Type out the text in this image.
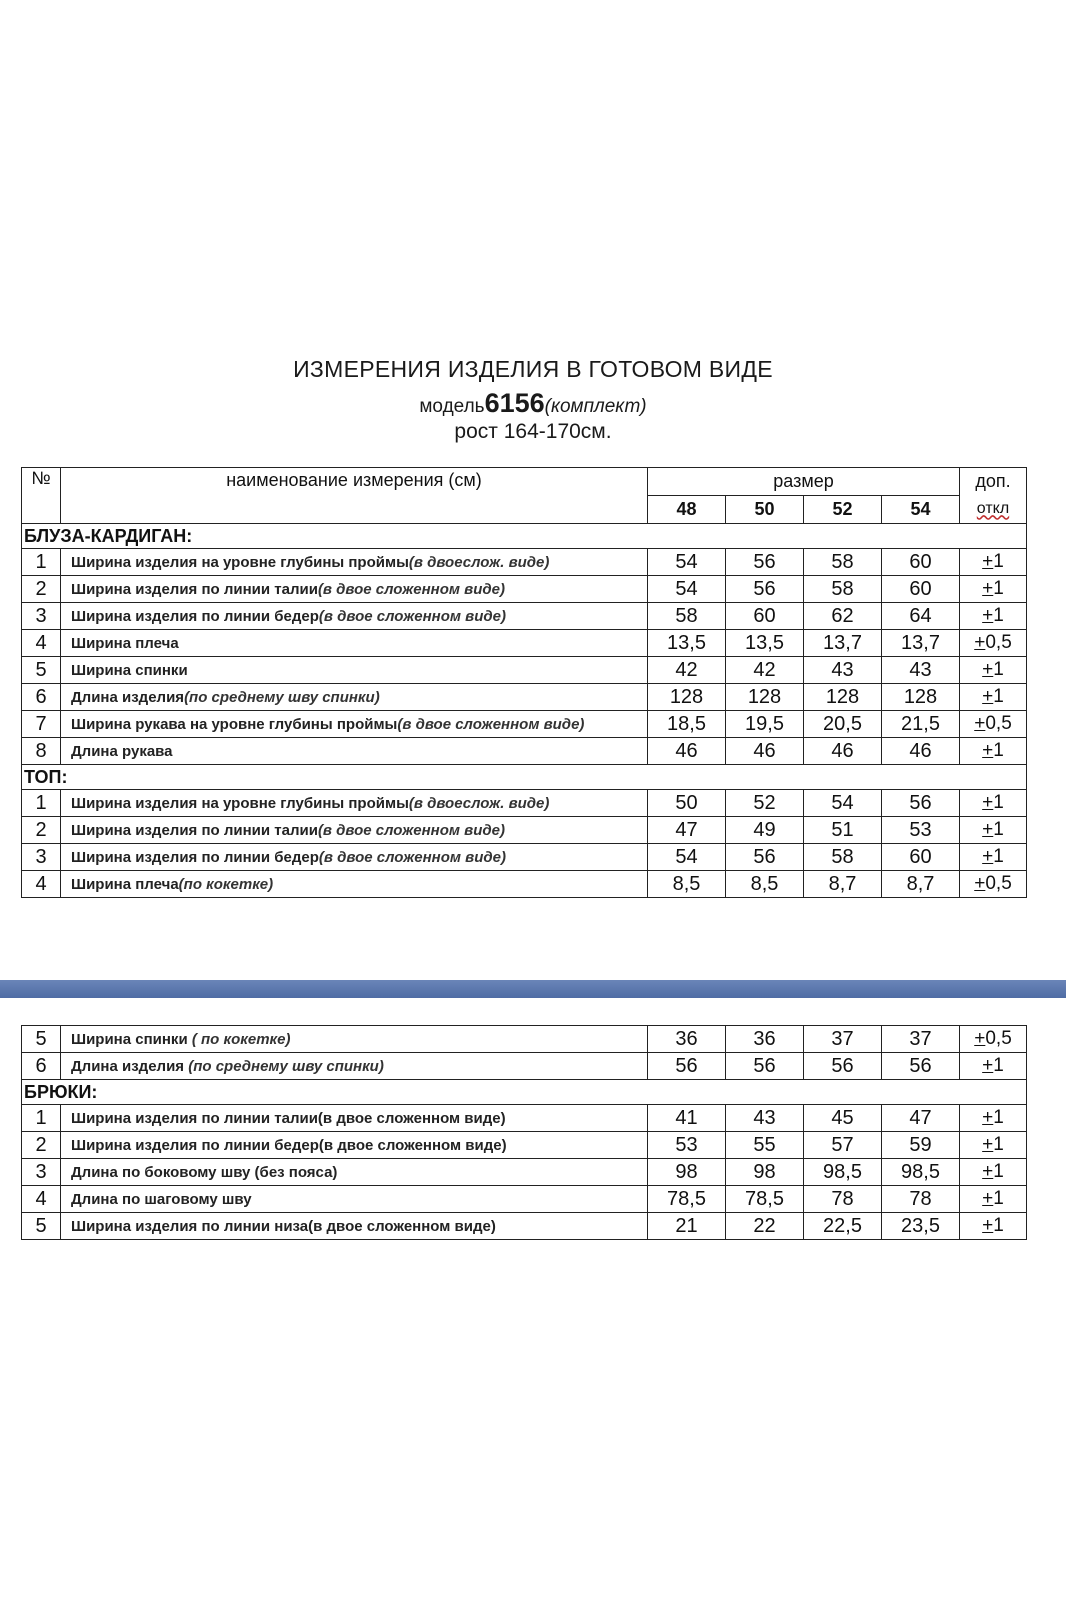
ИЗМЕРЕНИЯ ИЗДЕЛИЯ В ГОТОВОМ ВИДЕ
модель6156(комплект)
рост 164-170см.
№	наименование измерения (см)	размер				доп.
		48	50	52	54	откл
БЛУЗА-КАРДИГАН:						
1	Ширина изделия на уровне глубины проймы(в двоеслож. виде)	54	56	58	60	+1
2	Ширина изделия по линии талии(в двое сложенном виде)	54	56	58	60	+1
3	Ширина изделия по линии бедер(в двое сложенном виде)	58	60	62	64	+1
4	Ширина плеча	13,5	13,5	13,7	13,7	+0,5
5	Ширина спинки	42	42	43	43	+1
6	Длина изделия(по среднему шву спинки)	128	128	128	128	+1
7	Ширина рукава на уровне глубины проймы(в двое сложенном виде)	18,5	19,5	20,5	21,5	+0,5
8	Длина рукава	46	46	46	46	+1
ТОП:						
1	Ширина изделия на уровне глубины проймы(в двоеслож. виде)	50	52	54	56	+1
2	Ширина изделия по линии талии(в двое сложенном виде)	47	49	51	53	+1
3	Ширина изделия по линии бедер(в двое сложенном виде)	54	56	58	60	+1
4	Ширина плеча(по кокетке)	8,5	8,5	8,7	8,7	+0,5
5	Ширина спинки ( по кокетке)	36	36	37	37	+0,5
6	Длина изделия (по среднему шву спинки)	56	56	56	56	+1
БРЮКИ:						
1	Ширина изделия по линии талии(в двое сложенном виде)	41	43	45	47	+1
2	Ширина изделия по линии бедер(в двое сложенном виде)	53	55	57	59	+1
3	Длина по боковому шву (без пояса)	98	98	98,5	98,5	+1
4	Длина по шаговому шву	78,5	78,5	78	78	+1
5	Ширина изделия по линии низа(в двое сложенном виде)	21	22	22,5	23,5	+1
